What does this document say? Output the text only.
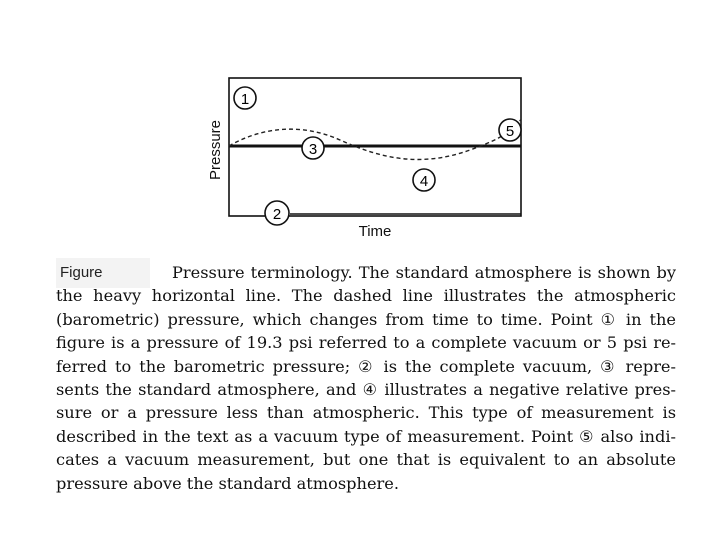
1
2
3
4
5
Pressure
Time
Figure	Pressure terminology. The standard atmosphere is shown by
the heavy horizontal line. The dashed line illustrates the atmospheric
(barometric) pressure, which changes from time to time. Point ① in the
figure is a pressure of 19.3 psi referred to a complete vacuum or 5 psi re-
ferred to the barometric pressure; ② is the complete vacuum, ③ repre-
sents the standard atmosphere, and ④ illustrates a negative relative pres-
sure or a pressure less than atmospheric. This type of measurement is
described in the text as a vacuum type of measurement. Point ⑤ also indi-
cates a vacuum measurement, but one that is equivalent to an absolute
pressure above the standard atmosphere.
